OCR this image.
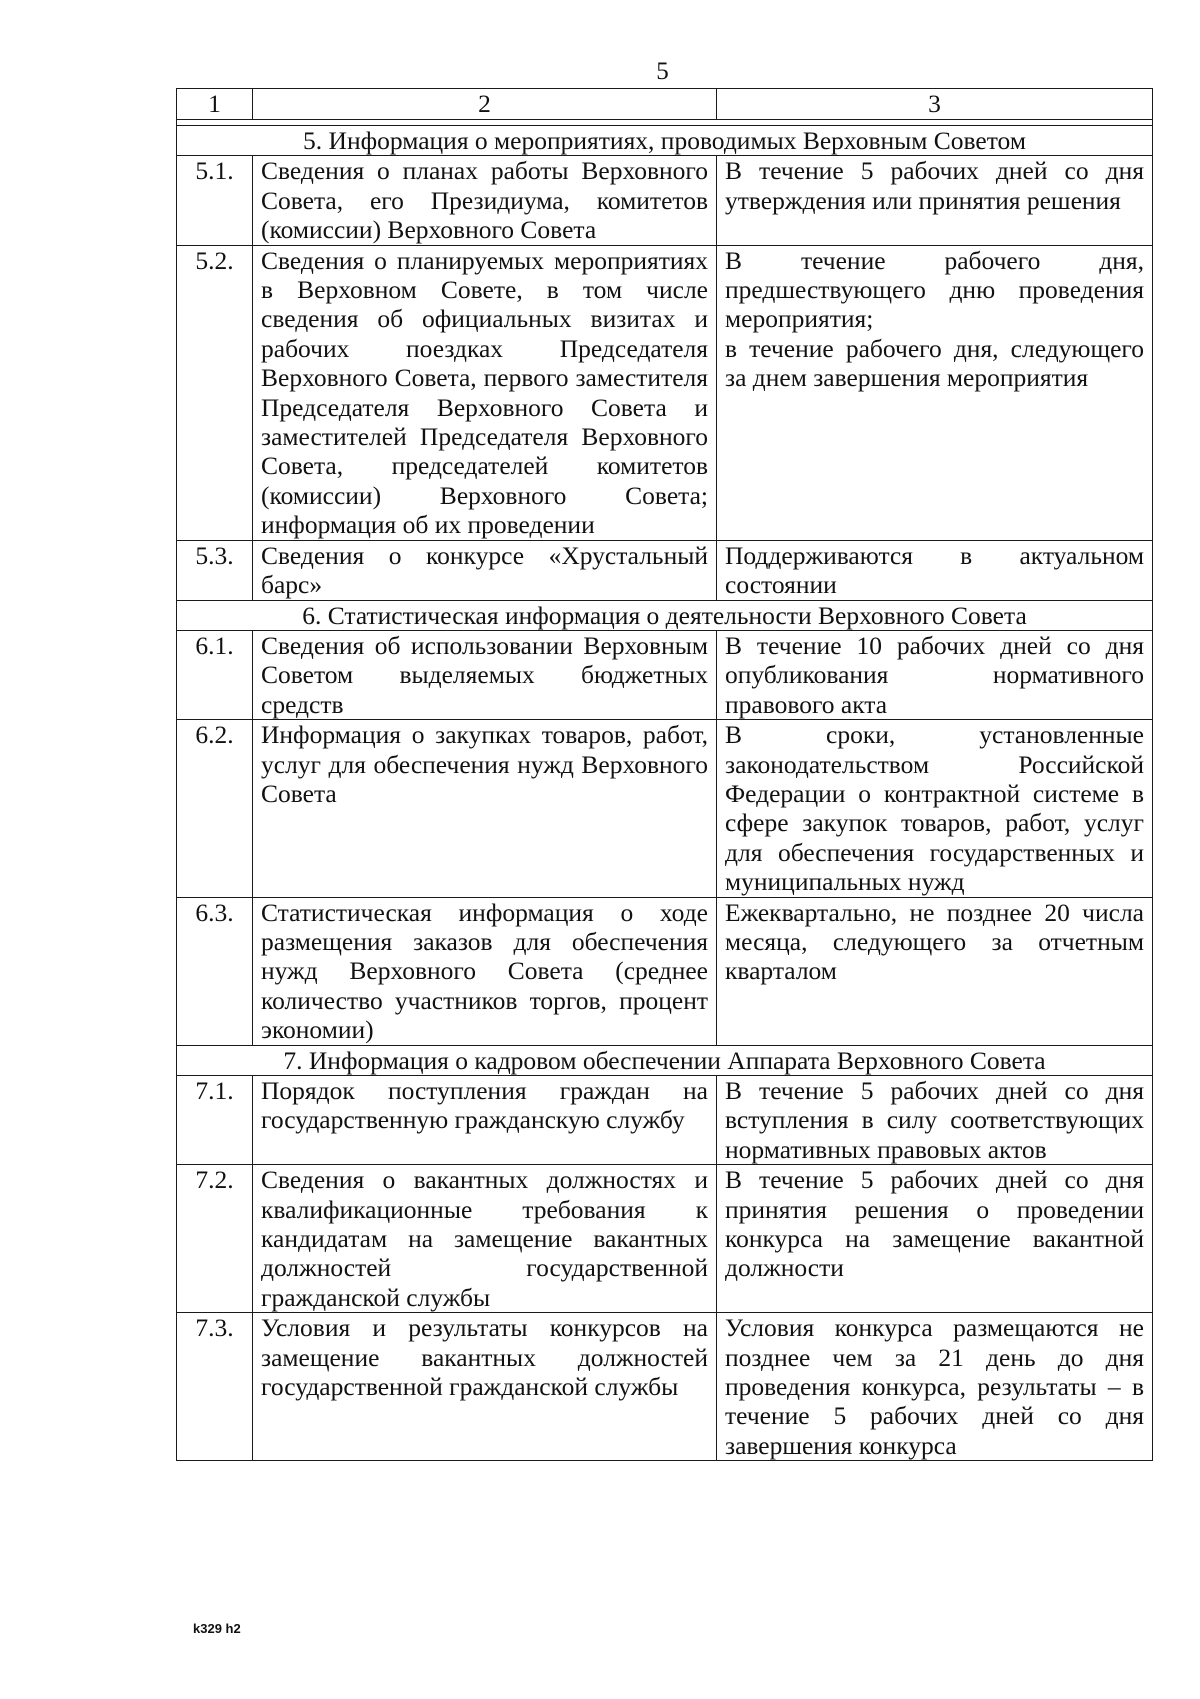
5
1	2	3

5. Информация о мероприятиях, проводимых Верховным Советом		
5.1.	Сведения о планах работы Верховного Совета, его Президиума, комитетов (комиссии) Верховного Совета	В течение 5 рабочих дней со дня утверждения или принятия решения
5.2.	Сведения о планируемых мероприятиях в Верховном Совете, в том числе сведения об официальных визитах и рабочих поездках Председателя Верховного Совета, первого заместителя Председателя Верховного Совета и заместителей Председателя Верховного Совета, председателей комитетов (комиссии) Верховного Совета; информация об их проведении	В течение рабочего дня, предшествующего дню проведения мероприятия;
в течение рабочего дня, следующего за днем завершения мероприятия

5.3.	Сведения о конкурсе «Хрустальный барс»	Поддерживаются в актуальном состоянии
6. Статистическая информация о деятельности Верховного Совета		
6.1.	Сведения об использовании Верховным Советом выделяемых бюджетных средств	В течение 10 рабочих дней со дня опубликования нормативного правового акта
6.2.	Информация о закупках товаров, работ, услуг для обеспечения нужд Верховного Совета	В сроки, установленные законодательством Российской Федерации о контрактной системе в сфере закупок товаров, работ, услуг для обеспечения государственных и муниципальных нужд
6.3.	Статистическая информация о ходе размещения заказов для обеспечения нужд Верховного Совета (среднее количество участников торгов, процент экономии)	Ежеквартально, не позднее 20 числа месяца, следующего за отчетным кварталом
7. Информация о кадровом обеспечении Аппарата Верховного Совета		
7.1.	Порядок поступления граждан на государственную гражданскую службу	В течение 5 рабочих дней со дня вступления в силу соответствующих нормативных правовых актов
7.2.	Сведения о вакантных должностях и квалификационные требования к кандидатам на замещение вакантных должностей государственной гражданской службы	В течение 5 рабочих дней со дня принятия решения о проведении конкурса на замещение вакантной должности
7.3.	Условия и результаты конкурсов на замещение вакантных должностей государственной гражданской службы	Условия конкурса размещаются не позднее чем за 21 день до дня проведения конкурса, результаты – в течение 5 рабочих дней со дня завершения конкурса
k329 h2
